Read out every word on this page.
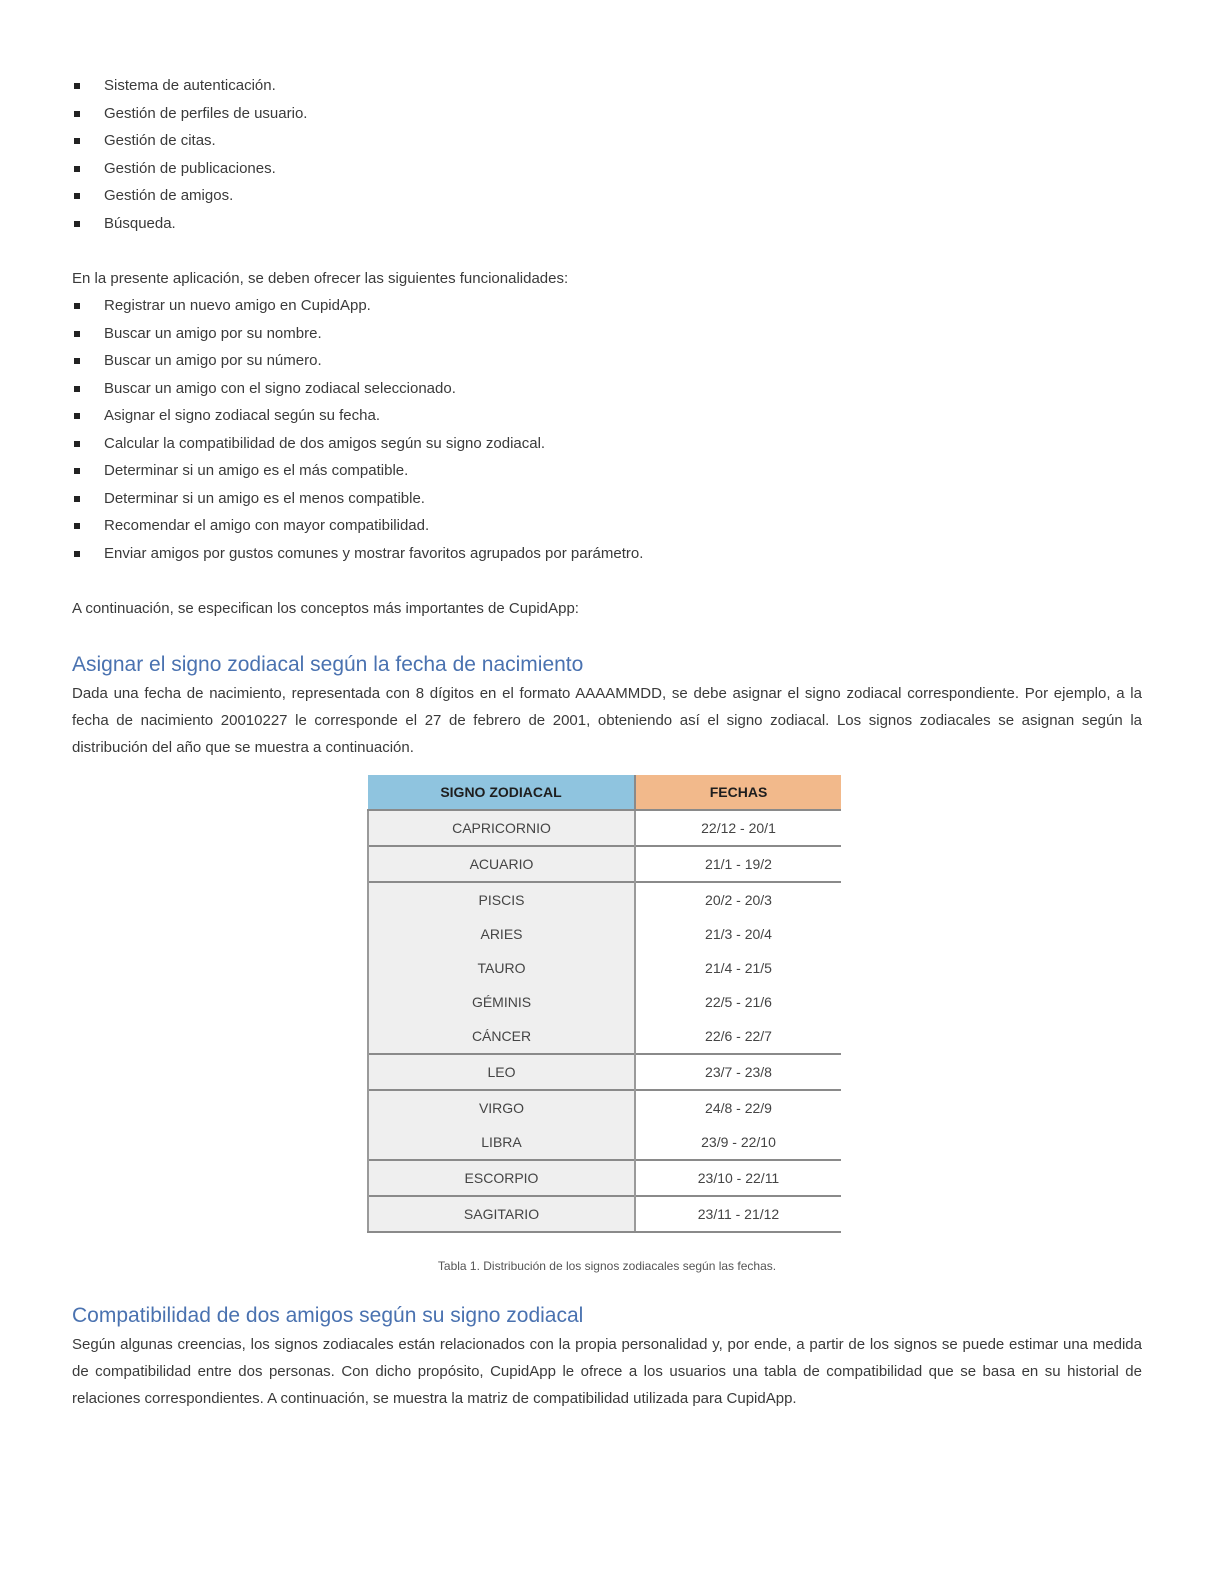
Sistema de autenticación.
Gestión de perfiles de usuario.
Gestión de citas.
Gestión de publicaciones.
Gestión de amigos.
Búsqueda.

En la presente aplicación, se deben ofrecer las siguientes funcionalidades:

Registrar un nuevo amigo en CupidApp.
Buscar un amigo por su nombre.
Buscar un amigo por su número.
Buscar un amigo con el signo zodiacal seleccionado.
Asignar el signo zodiacal según su fecha.
Calcular la compatibilidad de dos amigos según su signo zodiacal.
Determinar si un amigo es el más compatible.
Determinar si un amigo es el menos compatible.
Recomendar el amigo con mayor compatibilidad.
Enviar amigos por gustos comunes y mostrar favoritos agrupados por parámetro.

A continuación, se especifican los conceptos más importantes de CupidApp:

Asignar el signo zodiacal según la fecha de nacimiento

Dada una fecha de nacimiento, representada con 8 dígitos en el formato AAAAMMDD, se debe asignar el signo zodiacal correspondiente. Por ejemplo, a la fecha de nacimiento 20010227 le corresponde el 27 de febrero de 2001, obteniendo así el signo zodiacal. Los signos zodiacales se asignan según la distribución del año que se muestra a continuación.

SIGNO ZODIACAL	FECHAS
CAPRICORNIO	22/12 - 20/1
ACUARIO	21/1 - 19/2
PISCIS	20/2 - 20/3
ARIES	21/3 - 20/4
TAURO	21/4 - 21/5
GÉMINIS	22/5 - 21/6
CÁNCER	22/6 - 22/7
LEO	23/7 - 23/8
VIRGO	24/8 - 22/9
LIBRA	23/9 - 22/10
ESCORPIO	23/10 - 22/11
SAGITARIO	23/11 - 21/12
Tabla 1. Distribución de los signos zodiacales según las fechas.
Compatibilidad de dos amigos según su signo zodiacal

Según algunas creencias, los signos zodiacales están relacionados con la propia personalidad y, por ende, a partir de los signos se puede estimar una medida de compatibilidad entre dos personas. Con dicho propósito, CupidApp le ofrece a los usuarios una tabla de compatibilidad que se basa en su historial de relaciones correspondientes. A continuación, se muestra la matriz de compatibilidad utilizada para CupidApp.
